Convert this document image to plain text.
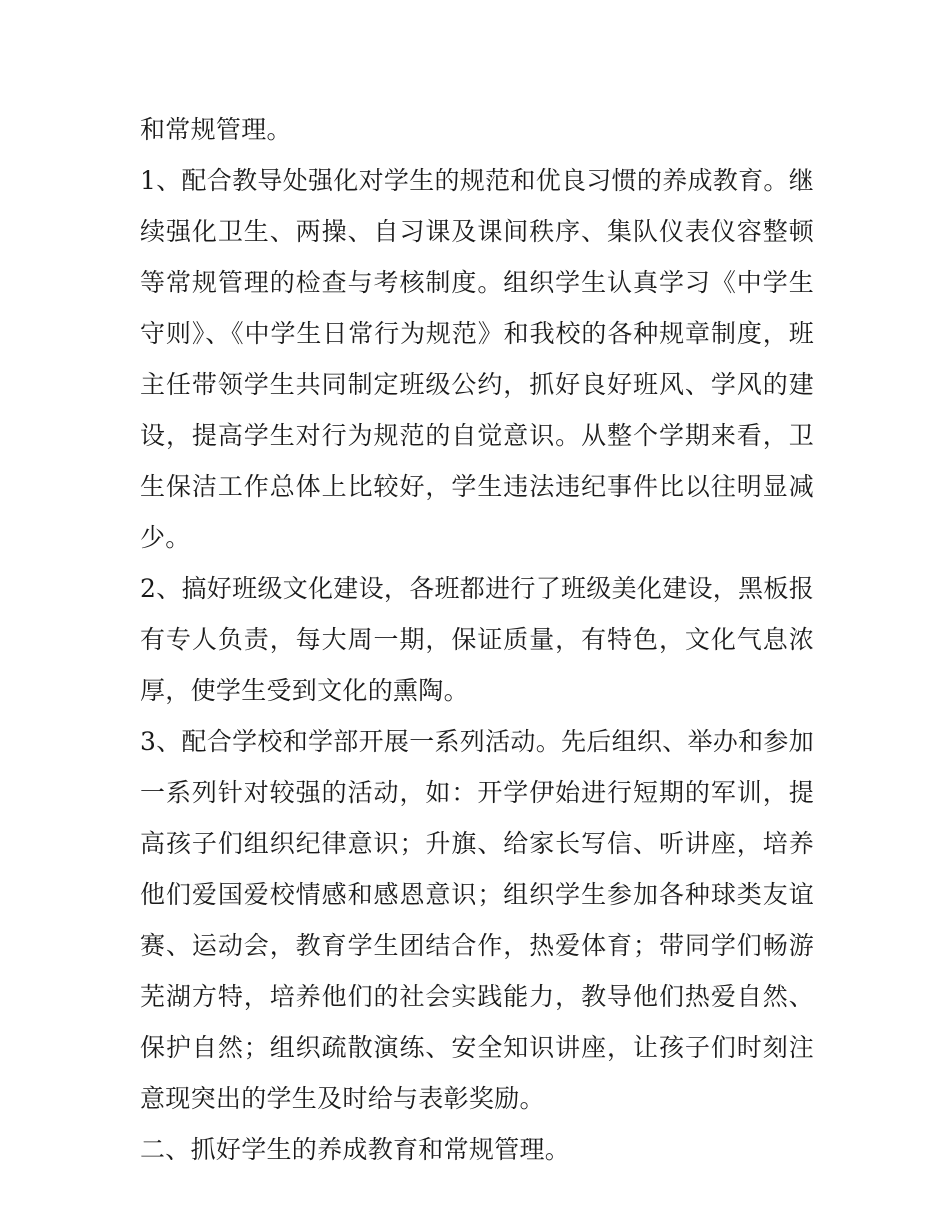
和常规管理。

1、配合教导处强化对学生的规范和优良习惯的养成教育。继续强化卫生、两操、自习课及课间秩序、集队仪表仪容整顿等常规管理的检查与考核制度。组织学生认真学习《中学生守则》、《中学生日常行为规范》和我校的各种规章制度，班主任带领学生共同制定班级公约，抓好良好班风、学风的建设，提高学生对行为规范的自觉意识。从整个学期来看，卫生保洁工作总体上比较好，学生违法违纪事件比以往明显减少。

2、搞好班级文化建设，各班都进行了班级美化建设，黑板报有专人负责，每大周一期，保证质量，有特色，文化气息浓厚，使学生受到文化的熏陶。

3、配合学校和学部开展一系列活动。先后组织、举办和参加一系列针对较强的活动，如：开学伊始进行短期的军训，提高孩子们组织纪律意识；升旗、给家长写信、听讲座，培养他们爱国爱校情感和感恩意识；组织学生参加各种球类友谊赛、运动会，教育学生团结合作，热爱体育；带同学们畅游芜湖方特，培养他们的社会实践能力，教导他们热爱自然、保护自然；组织疏散演练、安全知识讲座，让孩子们时刻注意现突出的学生及时给与表彰奖励。

二、抓好学生的养成教育和常规管理。
